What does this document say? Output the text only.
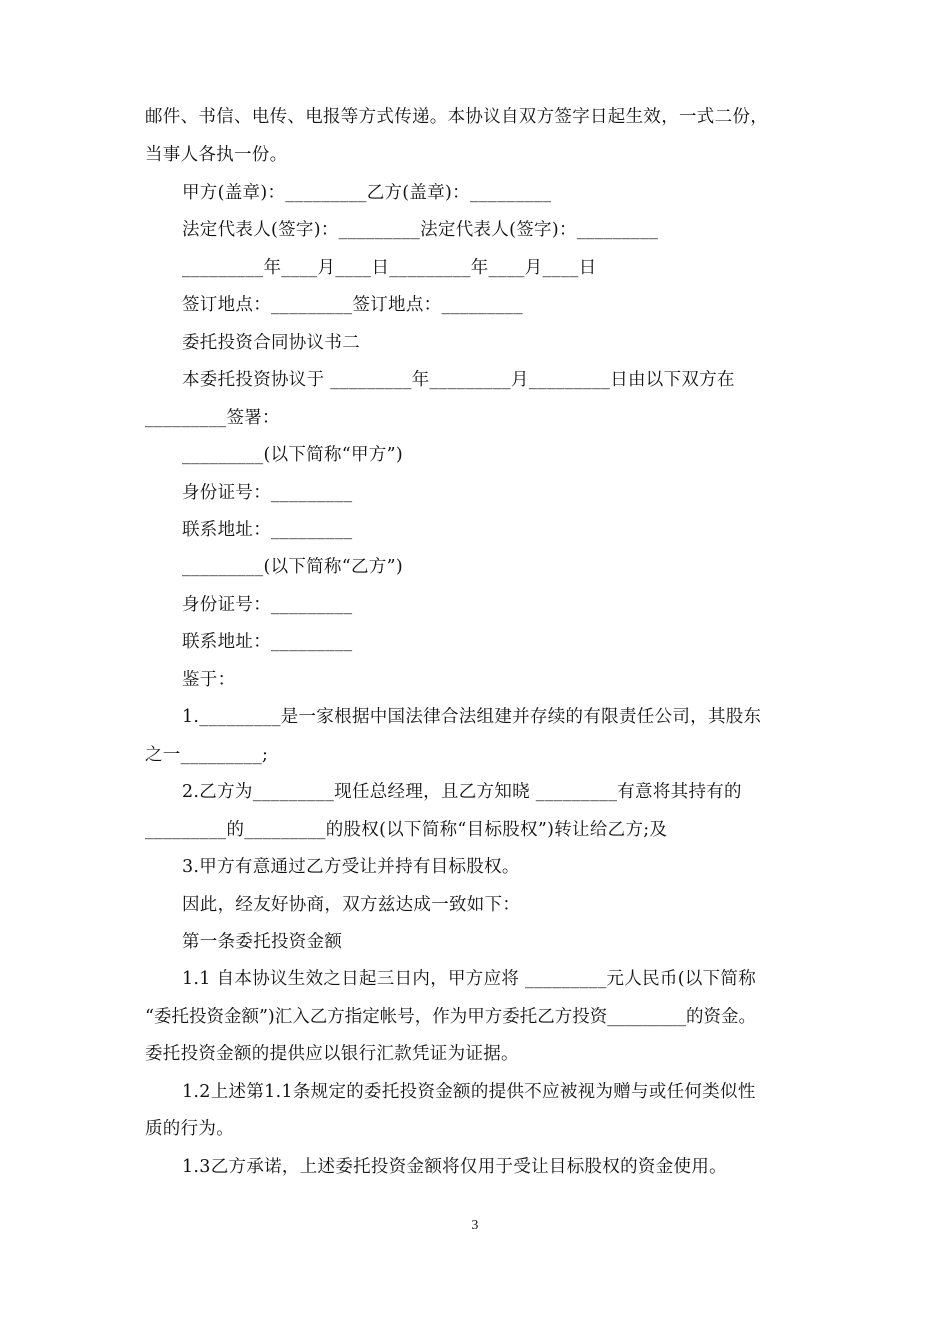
邮件、书信、电传、电报等方式传递。本协议自双方签字日起生效，一式二份，
当事人各执一份。
甲方(盖章)：_________乙方(盖章)：_________
法定代表人(签字)：_________法定代表人(签字)：_________
_________年____月____日_________年____月____日
签订地点：_________签订地点：_________
委托投资合同协议书二
本委托投资协议于 _________年_________月_________日由以下双方在
_________签署：
_________(以下简称“甲方”)
身份证号：_________
联系地址：_________
_________(以下简称“乙方”)
身份证号：_________
联系地址：_________
鉴于：
1._________是一家根据中国法律合法组建并存续的有限责任公司，其股东
之一_________;
2.乙方为_________现任总经理，且乙方知晓 _________有意将其持有的
_________的_________的股权(以下简称“目标股权”)转让给乙方;及
3.甲方有意通过乙方受让并持有目标股权。
因此，经友好协商，双方兹达成一致如下：
第一条委托投资金额
1.1 自本协议生效之日起三日内，甲方应将 _________元人民币(以下简称
“委托投资金额”)汇入乙方指定帐号，作为甲方委托乙方投资_________的资金。
委托投资金额的提供应以银行汇款凭证为证据。
1.2上述第1.1条规定的委托投资金额的提供不应被视为赠与或任何类似性
质的行为。
1.3乙方承诺，上述委托投资金额将仅用于受让目标股权的资金使用。
3
